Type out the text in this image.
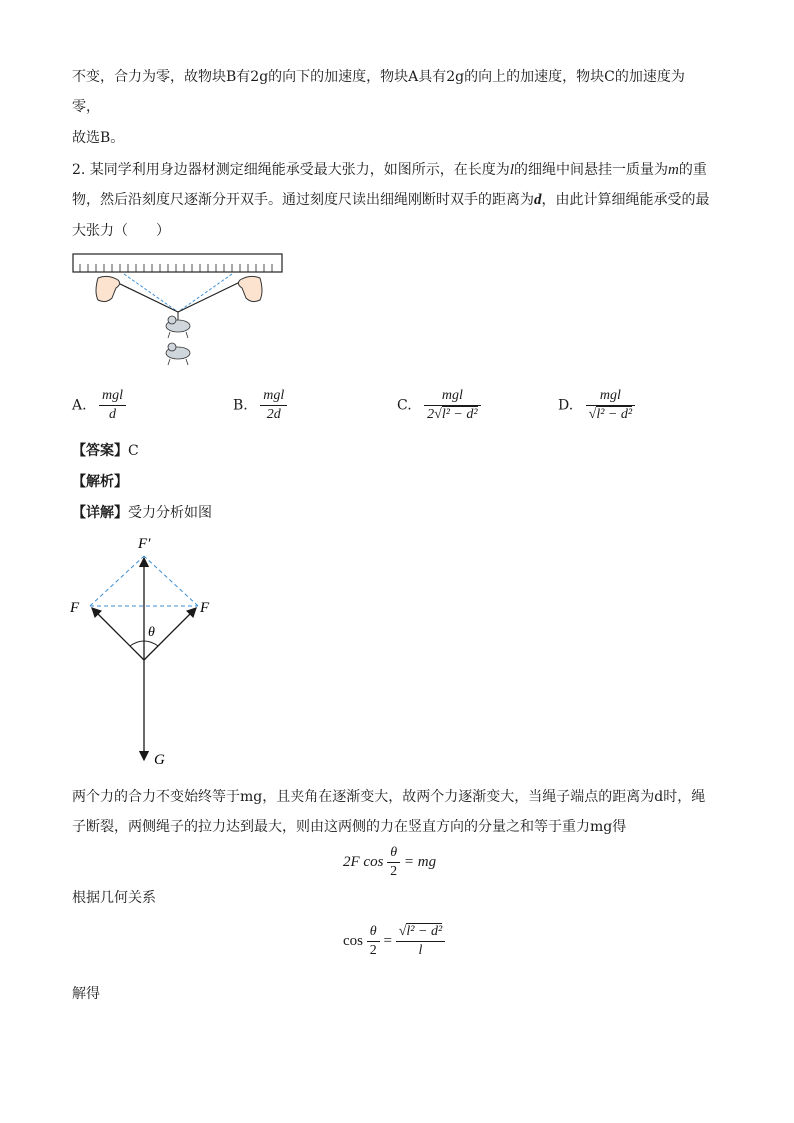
不变，合力为零，故物块B有2g的向下的加速度，物块A具有2g的向上的加速度，物块C的加速度为
零，
故选B。
2. 某同学利用身边器材测定细绳能承受最大张力，如图所示，在长度为l的细绳中间悬挂一质量为m的重
物，然后沿刻度尺逐渐分开双手。通过刻度尺读出细绳刚断时双手的距离为d，由此计算细绳能承受的最
大张力（　　）
A. $\frac{\text{mgl}}{d}$	B. $\frac{\text{mgl}}{2d}$	C. $\frac{\text{mgl}}{\text{2√l² − d²}}$	D. $\frac{\text{mgl}}{\text{√l² − d²}}$
【答案】C
【解析】
【详解】受力分析如图
F′
F	F
θ
G
两个力的合力不变始终等于mg，且夹角在逐渐变大，故两个力逐渐变大，当绳子端点的距离为d时，绳
子断裂，两侧绳子的拉力达到最大，则由这两侧的力在竖直方向的分量之和等于重力mg得
2F $\cos \frac{\theta}{2}$ = mg
根据几何关系
$\cos \frac{\theta}{2} = \frac{\text{√l² − d²}}{l}$
解得
